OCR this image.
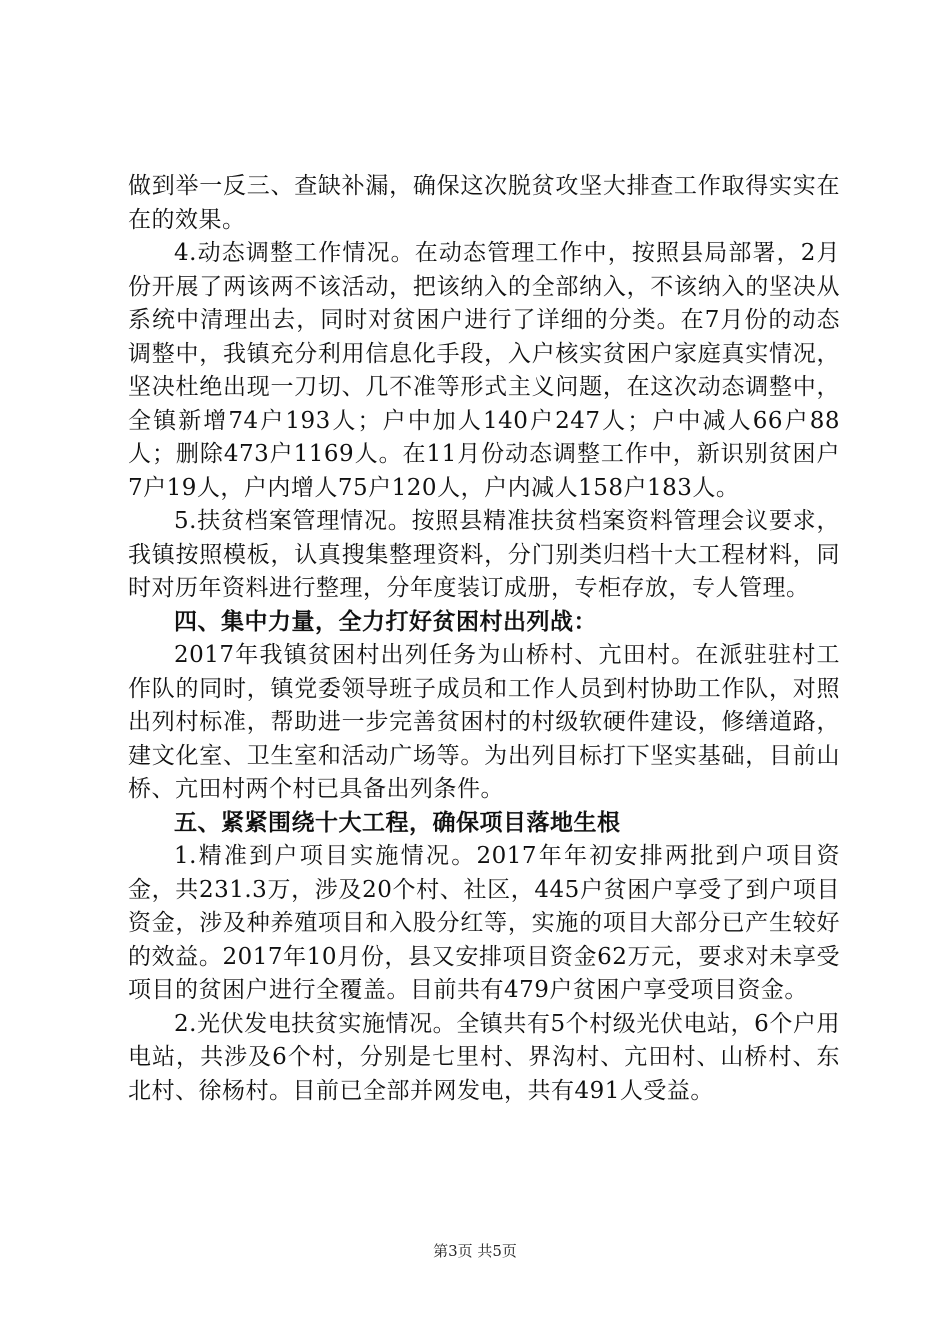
做到举一反三、查缺补漏，确保这次脱贫攻坚大排查工作取得实实在在的效果。

4.动态调整工作情况。在动态管理工作中，按照县局部署，2月份开展了两该两不该活动，把该纳入的全部纳入，不该纳入的坚决从系统中清理出去，同时对贫困户进行了详细的分类。在7月份的动态调整中，我镇充分利用信息化手段，入户核实贫困户家庭真实情况，坚决杜绝出现一刀切、几不准等形式主义问题，在这次动态调整中，全镇新增74户193人；户中加人140户247人；户中减人66户88人；删除473户1169人。在11月份动态调整工作中，新识别贫困户7户19人，户内增人75户120人，户内减人158户183人。

5.扶贫档案管理情况。按照县精准扶贫档案资料管理会议要求，我镇按照模板，认真搜集整理资料，分门别类归档十大工程材料，同时对历年资料进行整理，分年度装订成册，专柜存放，专人管理。

四、集中力量，全力打好贫困村出列战：

2017年我镇贫困村出列任务为山桥村、亢田村。在派驻驻村工作队的同时，镇党委领导班子成员和工作人员到村协助工作队，对照出列村标准，帮助进一步完善贫困村的村级软硬件建设，修缮道路，建文化室、卫生室和活动广场等。为出列目标打下坚实基础，目前山桥、亢田村两个村已具备出列条件。

五、紧紧围绕十大工程，确保项目落地生根

1.精准到户项目实施情况。2017年年初安排两批到户项目资金，共231.3万，涉及20个村、社区，445户贫困户享受了到户项目资金，涉及种养殖项目和入股分红等，实施的项目大部分已产生较好的效益。2017年10月份，县又安排项目资金62万元，要求对未享受项目的贫困户进行全覆盖。目前共有479户贫困户享受项目资金。

2.光伏发电扶贫实施情况。全镇共有5个村级光伏电站，6个户用电站，共涉及6个村，分别是七里村、界沟村、亢田村、山桥村、东北村、徐杨村。目前已全部并网发电，共有491人受益。

第3页 共5页
